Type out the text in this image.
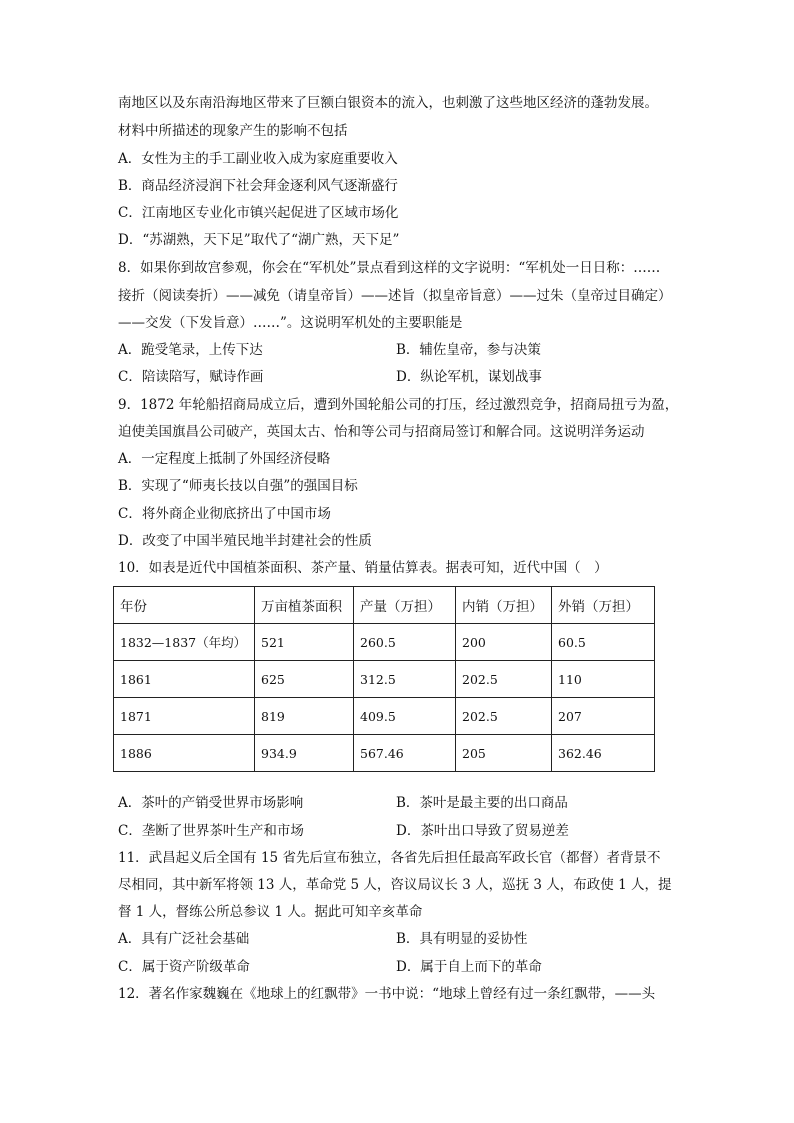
南地区以及东南沿海地区带来了巨额白银资本的流入，也刺激了这些地区经济的蓬勃发展。
材料中所描述的现象产生的影响不包括
A．女性为主的手工副业收入成为家庭重要收入
B．商品经济浸润下社会拜金逐利风气逐渐盛行
C．江南地区专业化市镇兴起促进了区域市场化
D．“苏湖熟，天下足”取代了“湖广熟，天下足”
8．如果你到故宫参观，你会在“军机处”景点看到这样的文字说明：“军机处一日日称：……
接折（阅读奏折）——减免（请皇帝旨）——述旨（拟皇帝旨意）——过朱（皇帝过目确定）
——交发（下发旨意）……”。这说明军机处的主要职能是
A．跪受笔录，上传下达	B．辅佐皇帝，参与决策
C．陪读陪写，赋诗作画	D．纵论军机，谋划战事
9．1872 年轮船招商局成立后，遭到外国轮船公司的打压，经过激烈竞争，招商局扭亏为盈，
迫使美国旗昌公司破产，英国太古、怡和等公司与招商局签订和解合同。这说明洋务运动
A．一定程度上抵制了外国经济侵略
B．实现了“师夷长技以自强”的强国目标
C．将外商企业彻底挤出了中国市场
D．改变了中国半殖民地半封建社会的性质
10．如表是近代中国植茶面积、茶产量、销量估算表。据表可知，近代中国（　）
年份	万亩植茶面积	产量（万担）	内销（万担）	外销（万担）
1832—1837（年均）	521	260.5	200	60.5
1861	625	312.5	202.5	110
1871	819	409.5	202.5	207
1886	934.9	567.46	205	362.46
A．茶叶的产销受世界市场影响	B．茶叶是最主要的出口商品
C．垄断了世界茶叶生产和市场	D．茶叶出口导致了贸易逆差
11．武昌起义后全国有 15 省先后宣布独立，各省先后担任最高军政长官（都督）者背景不
尽相同，其中新军将领 13 人，革命党 5 人，咨议局议长 3 人，巡抚 3 人，布政使 1 人，提
督 1 人，督练公所总参议 1 人。据此可知辛亥革命
A．具有广泛社会基础	B．具有明显的妥协性
C．属于资产阶级革命	D．属于自上而下的革命
12．著名作家魏巍在《地球上的红飘带》一书中说：“地球上曾经有过一条红飘带，——头
